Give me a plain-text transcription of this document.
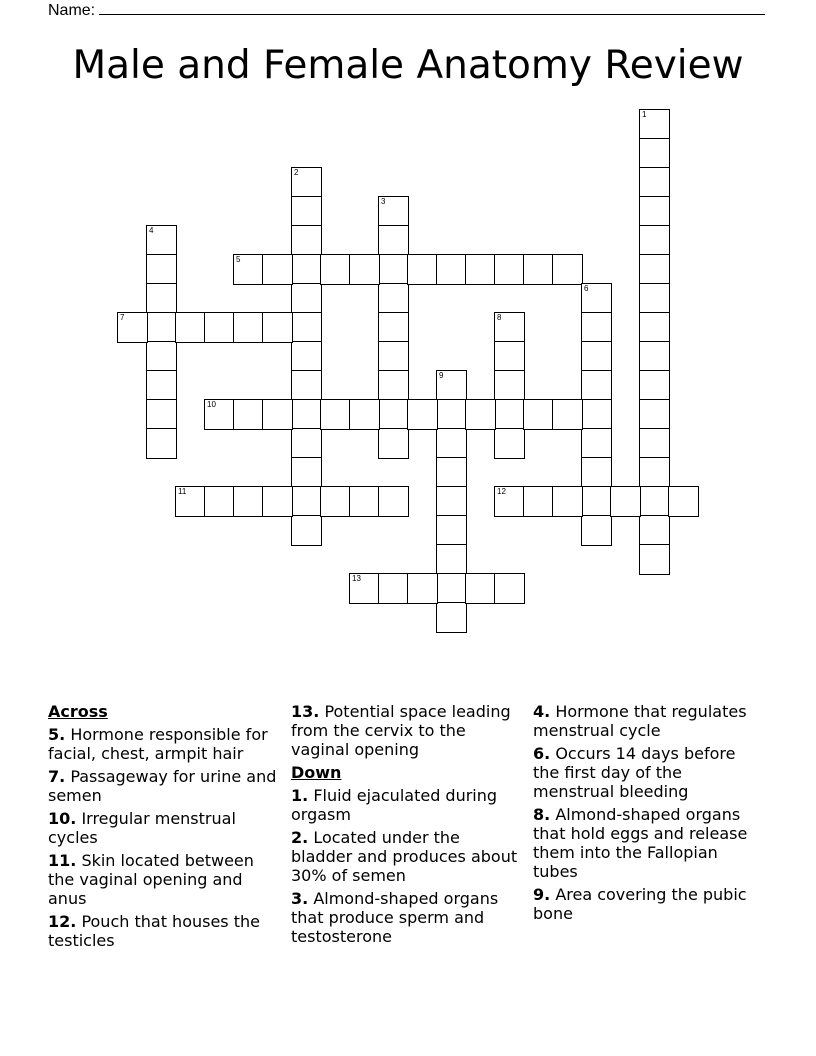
Name:
Male and Female Anatomy Review
1
2
3
4
5
6
7	8
9
10
11	12
13
Across
5. Hormone responsible for facial, chest, armpit hair
7. Passageway for urine and semen
10. Irregular menstrual cycles
11. Skin located between the vaginal opening and anus
12. Pouch that houses the testicles
13. Potential space leading from the cervix to the vaginal opening
Down
1. Fluid ejaculated during orgasm
2. Located under the bladder and produces about 30% of semen
3. Almond-shaped organs that produce sperm and testosterone
4. Hormone that regulates menstrual cycle
6. Occurs 14 days before the first day of the menstrual bleeding
8. Almond-shaped organs that hold eggs and release them into the Fallopian tubes
9. Area covering the pubic bone
